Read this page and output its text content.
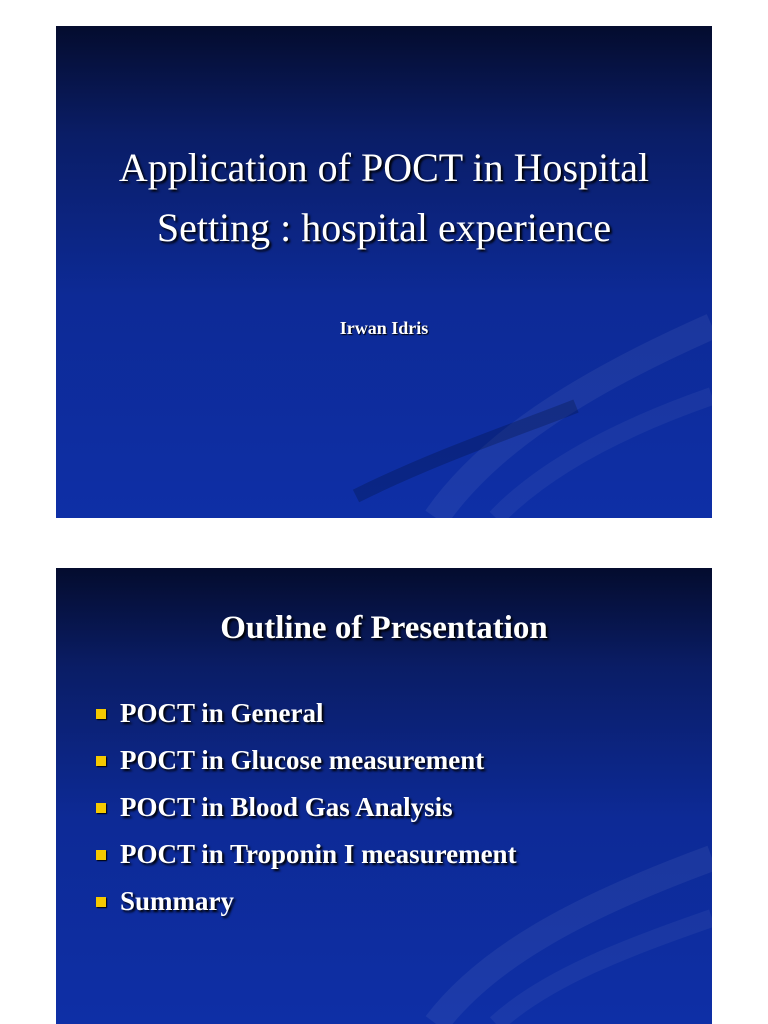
Application of POCT in Hospital Setting : hospital experience
Irwan Idris
Outline of Presentation
POCT in General
POCT in Glucose measurement
POCT in Blood Gas Analysis
POCT in Troponin I measurement
Summary
